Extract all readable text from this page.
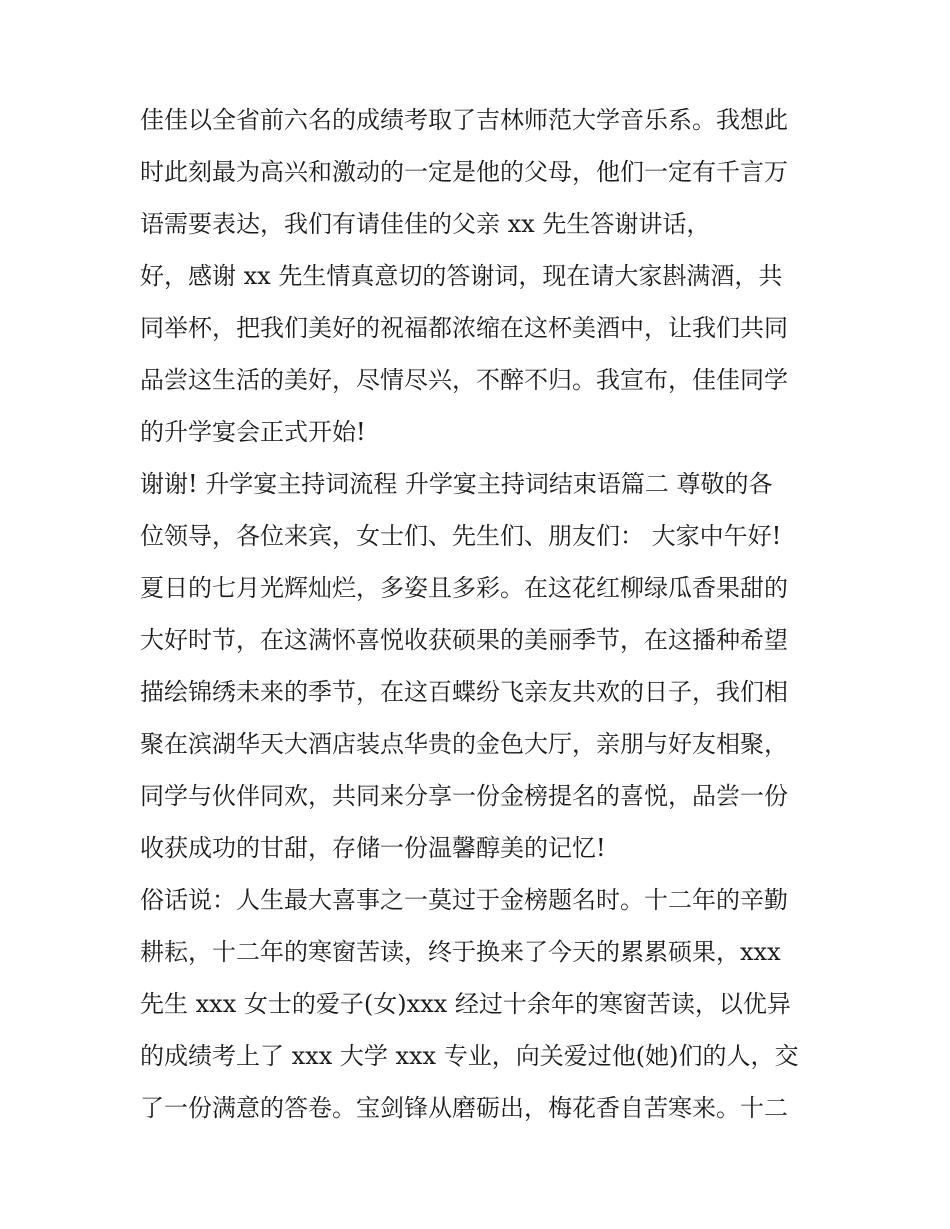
佳佳以全省前六名的成绩考取了吉林师范大学音乐系。我想此
时此刻最为高兴和激动的一定是他的父母，他们一定有千言万
语需要表达，我们有请佳佳的父亲 xx 先生答谢讲话，
好，感谢 xx 先生情真意切的答谢词，现在请大家斟满酒，共
同举杯，把我们美好的祝福都浓缩在这杯美酒中，让我们共同
品尝这生活的美好，尽情尽兴，不醉不归。我宣布，佳佳同学
的升学宴会正式开始!
谢谢! 升学宴主持词流程 升学宴主持词结束语篇二 尊敬的各
位领导，各位来宾，女士们、先生们、朋友们： 大家中午好!
夏日的七月光辉灿烂，多姿且多彩。在这花红柳绿瓜香果甜的
大好时节，在这满怀喜悦收获硕果的美丽季节，在这播种希望
描绘锦绣未来的季节，在这百蝶纷飞亲友共欢的日子，我们相
聚在滨湖华天大酒店装点华贵的金色大厅，亲朋与好友相聚，
同学与伙伴同欢，共同来分享一份金榜提名的喜悦，品尝一份
收获成功的甘甜，存储一份温馨醇美的记忆!
俗话说：人生最大喜事之一莫过于金榜题名时。十二年的辛勤
耕耘，十二年的寒窗苦读，终于换来了今天的累累硕果，xxx
先生 xxx 女士的爱子(女)xxx 经过十余年的寒窗苦读，以优异
的成绩考上了 xxx 大学 xxx 专业，向关爱过他(她)们的人，交
了一份满意的答卷。宝剑锋从磨砺出，梅花香自苦寒来。十二
